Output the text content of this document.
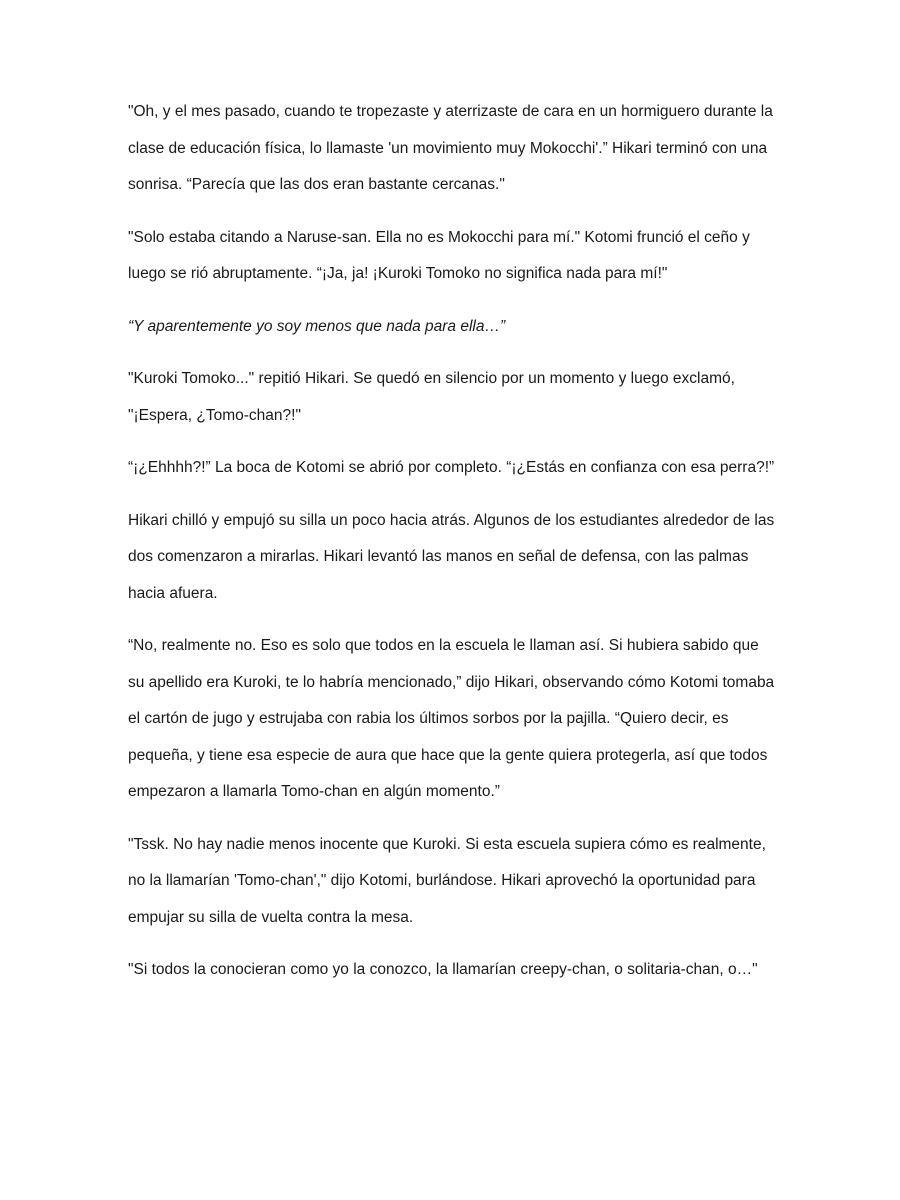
"Oh, y el mes pasado, cuando te tropezaste y aterrizaste de cara en un hormiguero durante la clase de educación física, lo llamaste 'un movimiento muy Mokocchi'.” Hikari terminó con una sonrisa. “Parecía que las dos eran bastante cercanas."

"Solo estaba citando a Naruse-san. Ella no es Mokocchi para mí." Kotomi frunció el ceño y luego se rió abruptamente. “¡Ja, ja! ¡Kuroki Tomoko no significa nada para mí!"

“Y aparentemente yo soy menos que nada para ella…”

"Kuroki Tomoko..." repitió Hikari. Se quedó en silencio por un momento y luego exclamó, "¡Espera, ¿Tomo-chan?!"

“¡¿Ehhhh?!” La boca de Kotomi se abrió por completo. “¡¿Estás en confianza con esa perra?!”

Hikari chilló y empujó su silla un poco hacia atrás. Algunos de los estudiantes alrededor de las dos comenzaron a mirarlas. Hikari levantó las manos en señal de defensa, con las palmas hacia afuera.

“No, realmente no. Eso es solo que todos en la escuela le llaman así. Si hubiera sabido que su apellido era Kuroki, te lo habría mencionado,” dijo Hikari, observando cómo Kotomi tomaba el cartón de jugo y estrujaba con rabia los últimos sorbos por la pajilla. “Quiero decir, es pequeña, y tiene esa especie de aura que hace que la gente quiera protegerla, así que todos empezaron a llamarla Tomo-chan en algún momento.”

"Tssk. No hay nadie menos inocente que Kuroki. Si esta escuela supiera cómo es realmente, no la llamarían 'Tomo-chan'," dijo Kotomi, burlándose. Hikari aprovechó la oportunidad para empujar su silla de vuelta contra la mesa.

"Si todos la conocieran como yo la conozco, la llamarían creepy-chan, o solitaria-chan, o…"
